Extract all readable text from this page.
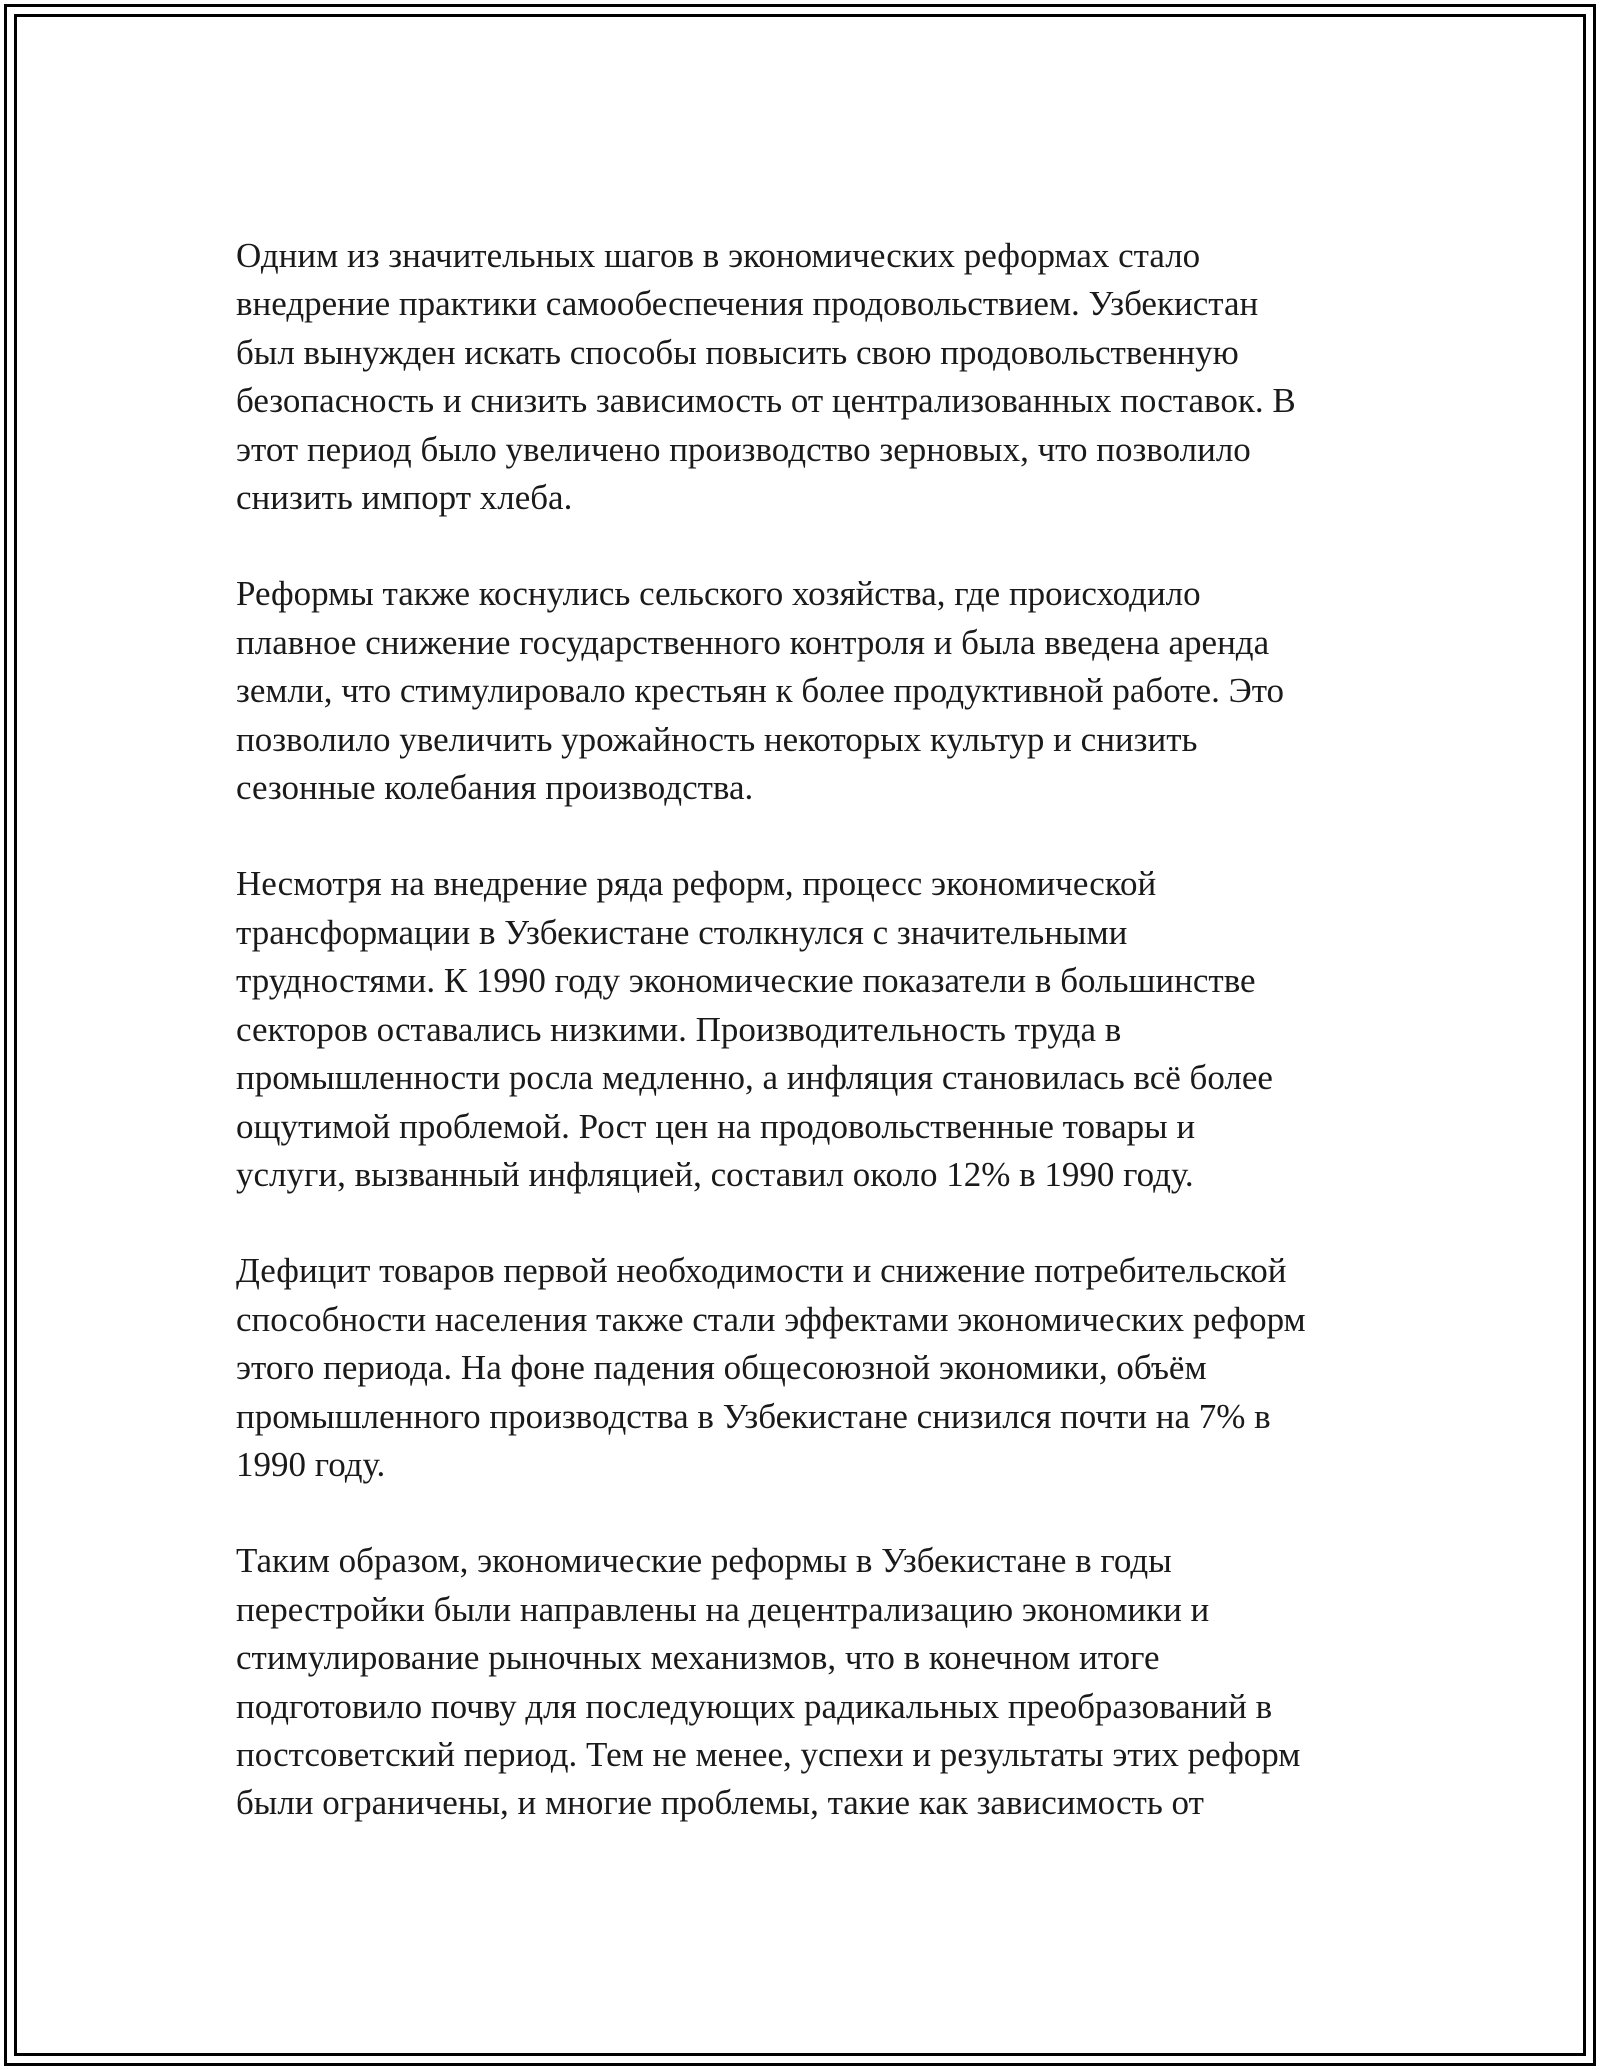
Одним из значительных шагов в экономических реформах стало
внедрение практики самообеспечения продовольствием. Узбекистан
был вынужден искать способы повысить свою продовольственную
безопасность и снизить зависимость от централизованных поставок. В
этот период было увеличено производство зерновых, что позволило
снизить импорт хлеба.

Реформы также коснулись сельского хозяйства, где происходило
плавное снижение государственного контроля и была введена аренда
земли, что стимулировало крестьян к более продуктивной работе. Это
позволило увеличить урожайность некоторых культур и снизить
сезонные колебания производства.

Несмотря на внедрение ряда реформ, процесс экономической
трансформации в Узбекистане столкнулся с значительными
трудностями. К 1990 году экономические показатели в большинстве
секторов оставались низкими. Производительность труда в
промышленности росла медленно, а инфляция становилась всё более
ощутимой проблемой. Рост цен на продовольственные товары и
услуги, вызванный инфляцией, составил около 12% в 1990 году.

Дефицит товаров первой необходимости и снижение потребительской
способности населения также стали эффектами экономических реформ
этого периода. На фоне падения общесоюзной экономики, объём
промышленного производства в Узбекистане снизился почти на 7% в
1990 году.

Таким образом, экономические реформы в Узбекистане в годы
перестройки были направлены на децентрализацию экономики и
стимулирование рыночных механизмов, что в конечном итоге
подготовило почву для последующих радикальных преобразований в
постсоветский период. Тем не менее, успехи и результаты этих реформ
были ограничены, и многие проблемы, такие как зависимость от
